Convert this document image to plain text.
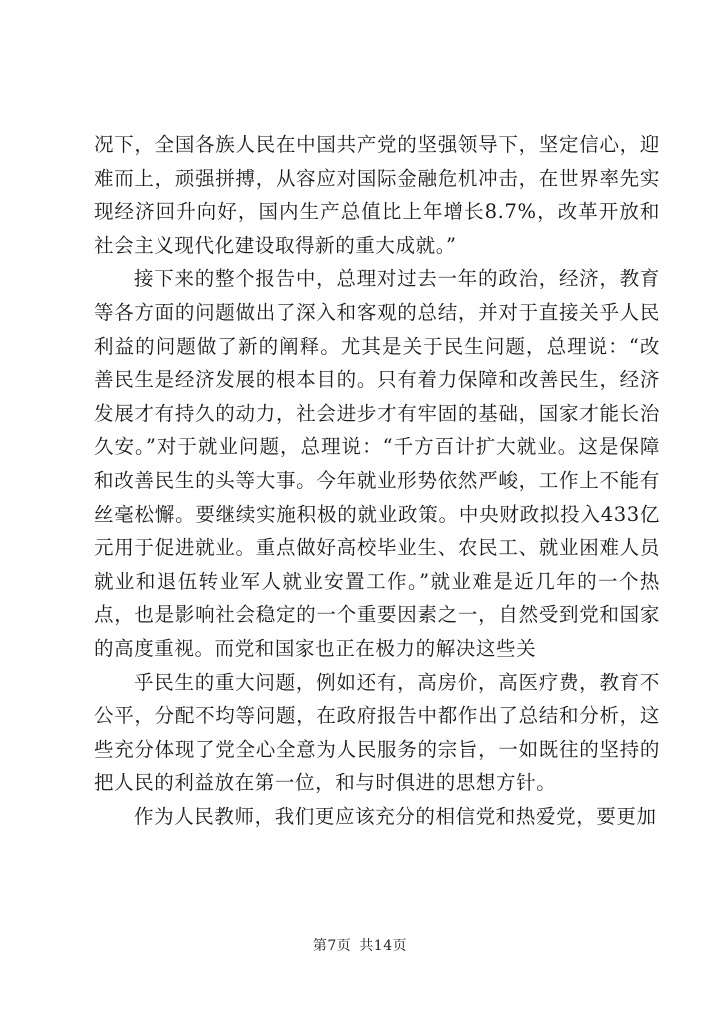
况下，全国各族人民在中国共产党的坚强领导下，坚定信心，迎难而上，顽强拼搏，从容应对国际金融危机冲击，在世界率先实现经济回升向好，国内生产总值比上年增长8.7%，改革开放和社会主义现代化建设取得新的重大成就。”

接下来的整个报告中，总理对过去一年的政治，经济，教育等各方面的问题做出了深入和客观的总结，并对于直接关乎人民利益的问题做了新的阐释。尤其是关于民生问题，总理说：“改善民生是经济发展的根本目的。只有着力保障和改善民生，经济发展才有持久的动力，社会进步才有牢固的基础，国家才能长治久安。”对于就业问题，总理说：“千方百计扩大就业。这是保障和改善民生的头等大事。今年就业形势依然严峻，工作上不能有丝毫松懈。要继续实施积极的就业政策。中央财政拟投入433亿元用于促进就业。重点做好高校毕业生、农民工、就业困难人员就业和退伍转业军人就业安置工作。”就业难是近几年的一个热点，也是影响社会稳定的一个重要因素之一，自然受到党和国家的高度重视。而党和国家也正在极力的解决这些关

乎民生的重大问题，例如还有，高房价，高医疗费，教育不公平，分配不均等问题，在政府报告中都作出了总结和分析，这些充分体现了党全心全意为人民服务的宗旨，一如既往的坚持的把人民的利益放在第一位，和与时俱进的思想方针。

作为人民教师，我们更应该充分的相信党和热爱党，要更加

第7页 共14页
